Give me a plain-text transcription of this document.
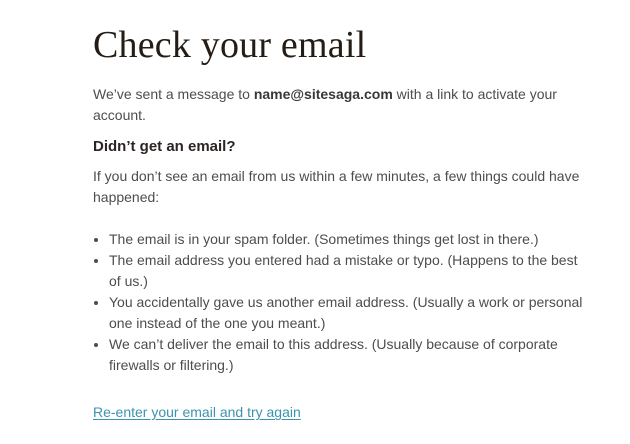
Check your email

We’ve sent a message to name@sitesaga.com with a link to activate your account.

Didn’t get an email?

If you don’t see an email from us within a few minutes, a few things could have happened:

• The email is in your spam folder. (Sometimes things get lost in there.)
• The email address you entered had a mistake or typo. (Happens to the best of us.)
• You accidentally gave us another email address. (Usually a work or personal one instead of the one you meant.)
• We can’t deliver the email to this address. (Usually because of corporate firewalls or filtering.)
Re-enter your email and try again
